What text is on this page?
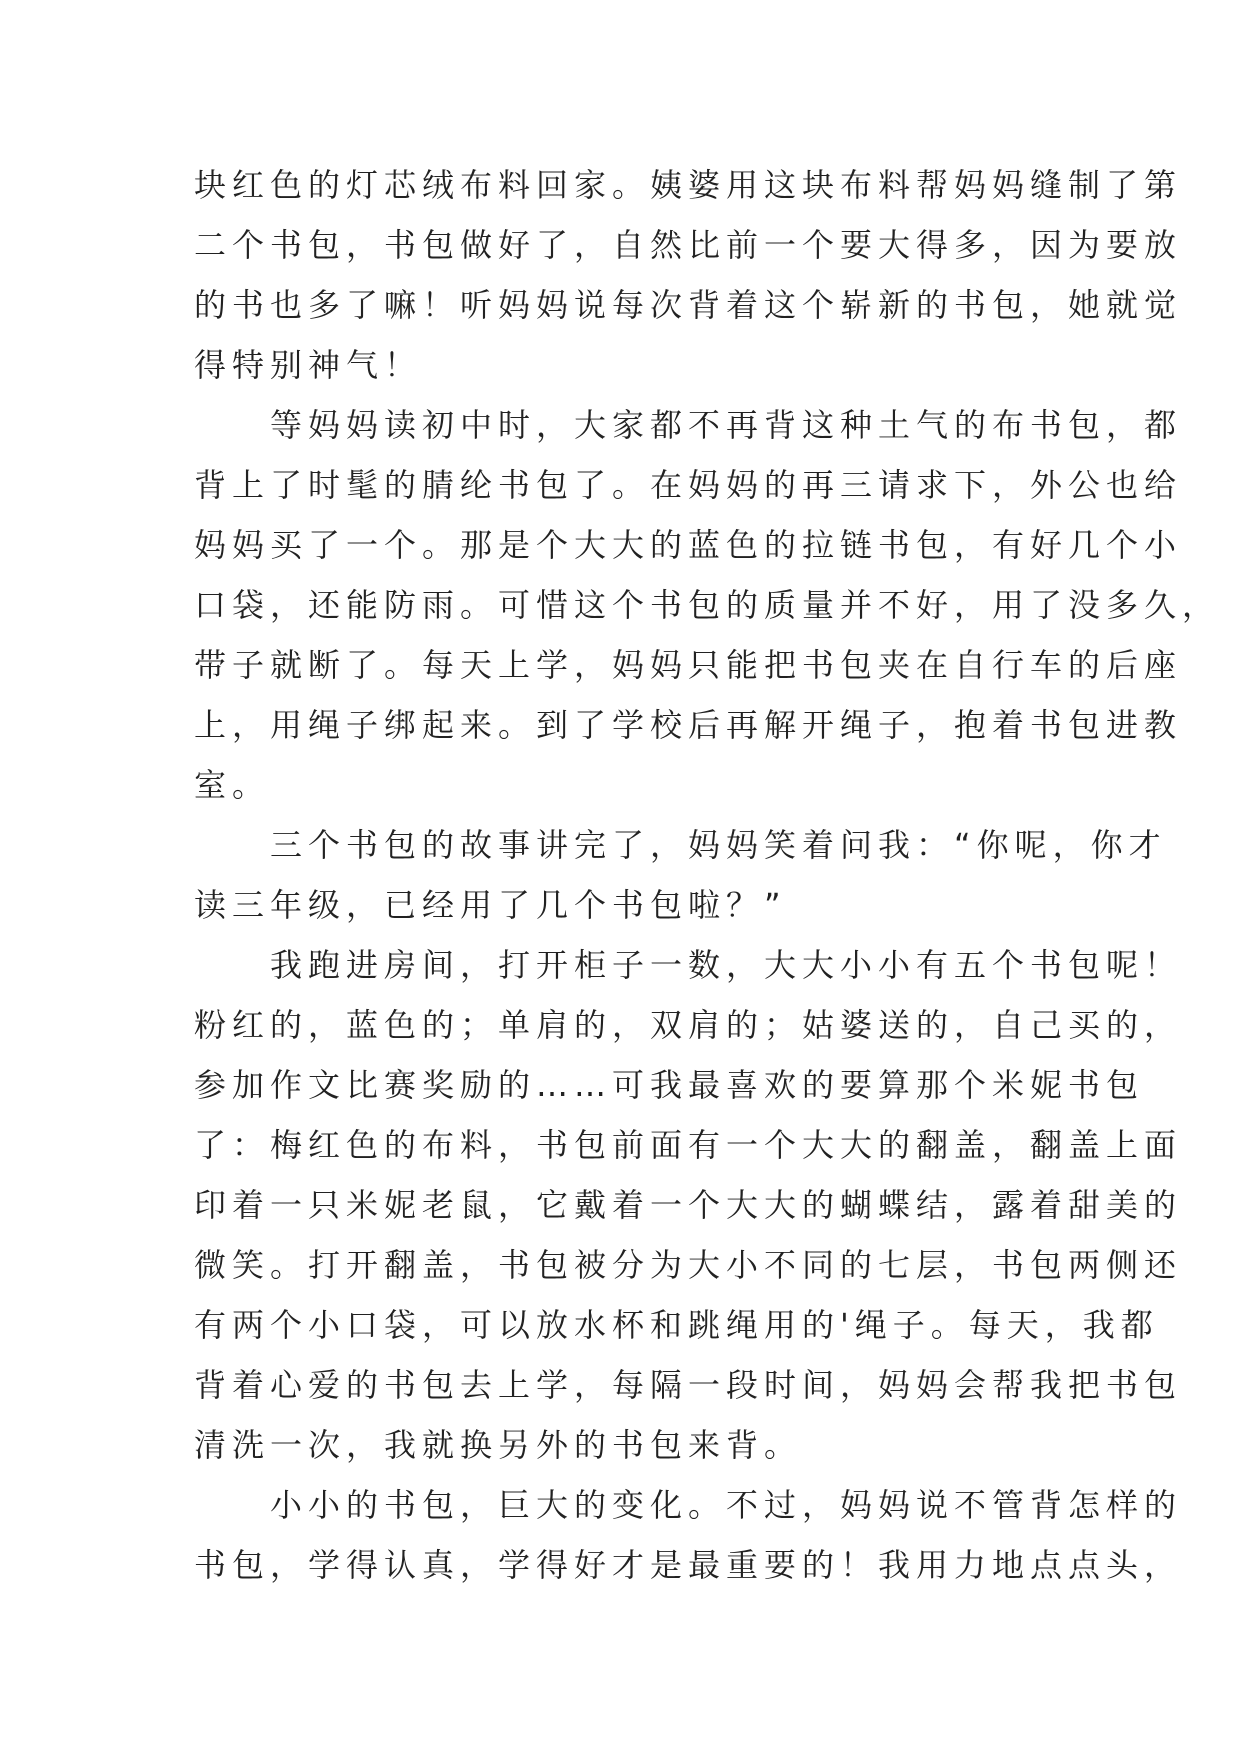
块红色的灯芯绒布料回家。姨婆用这块布料帮妈妈缝制了第
二个书包，书包做好了，自然比前一个要大得多，因为要放
的书也多了嘛！听妈妈说每次背着这个崭新的书包，她就觉
得特别神气！
　　等妈妈读初中时，大家都不再背这种土气的布书包，都
背上了时髦的腈纶书包了。在妈妈的再三请求下，外公也给
妈妈买了一个。那是个大大的蓝色的拉链书包，有好几个小
口袋，还能防雨。可惜这个书包的质量并不好，用了没多久，
带子就断了。每天上学，妈妈只能把书包夹在自行车的后座
上，用绳子绑起来。到了学校后再解开绳子，抱着书包进教
室。
　　三个书包的故事讲完了，妈妈笑着问我：“你呢，你才
读三年级，已经用了几个书包啦？”
　　我跑进房间，打开柜子一数，大大小小有五个书包呢！
粉红的，蓝色的；单肩的，双肩的；姑婆送的，自己买的，
参加作文比赛奖励的……可我最喜欢的要算那个米妮书包
了：梅红色的布料，书包前面有一个大大的翻盖，翻盖上面
印着一只米妮老鼠，它戴着一个大大的蝴蝶结，露着甜美的
微笑。打开翻盖，书包被分为大小不同的七层，书包两侧还
有两个小口袋，可以放水杯和跳绳用的'绳子。每天，我都
背着心爱的书包去上学，每隔一段时间，妈妈会帮我把书包
清洗一次，我就换另外的书包来背。
　　小小的书包，巨大的变化。不过，妈妈说不管背怎样的
书包，学得认真，学得好才是最重要的！我用力地点点头，
